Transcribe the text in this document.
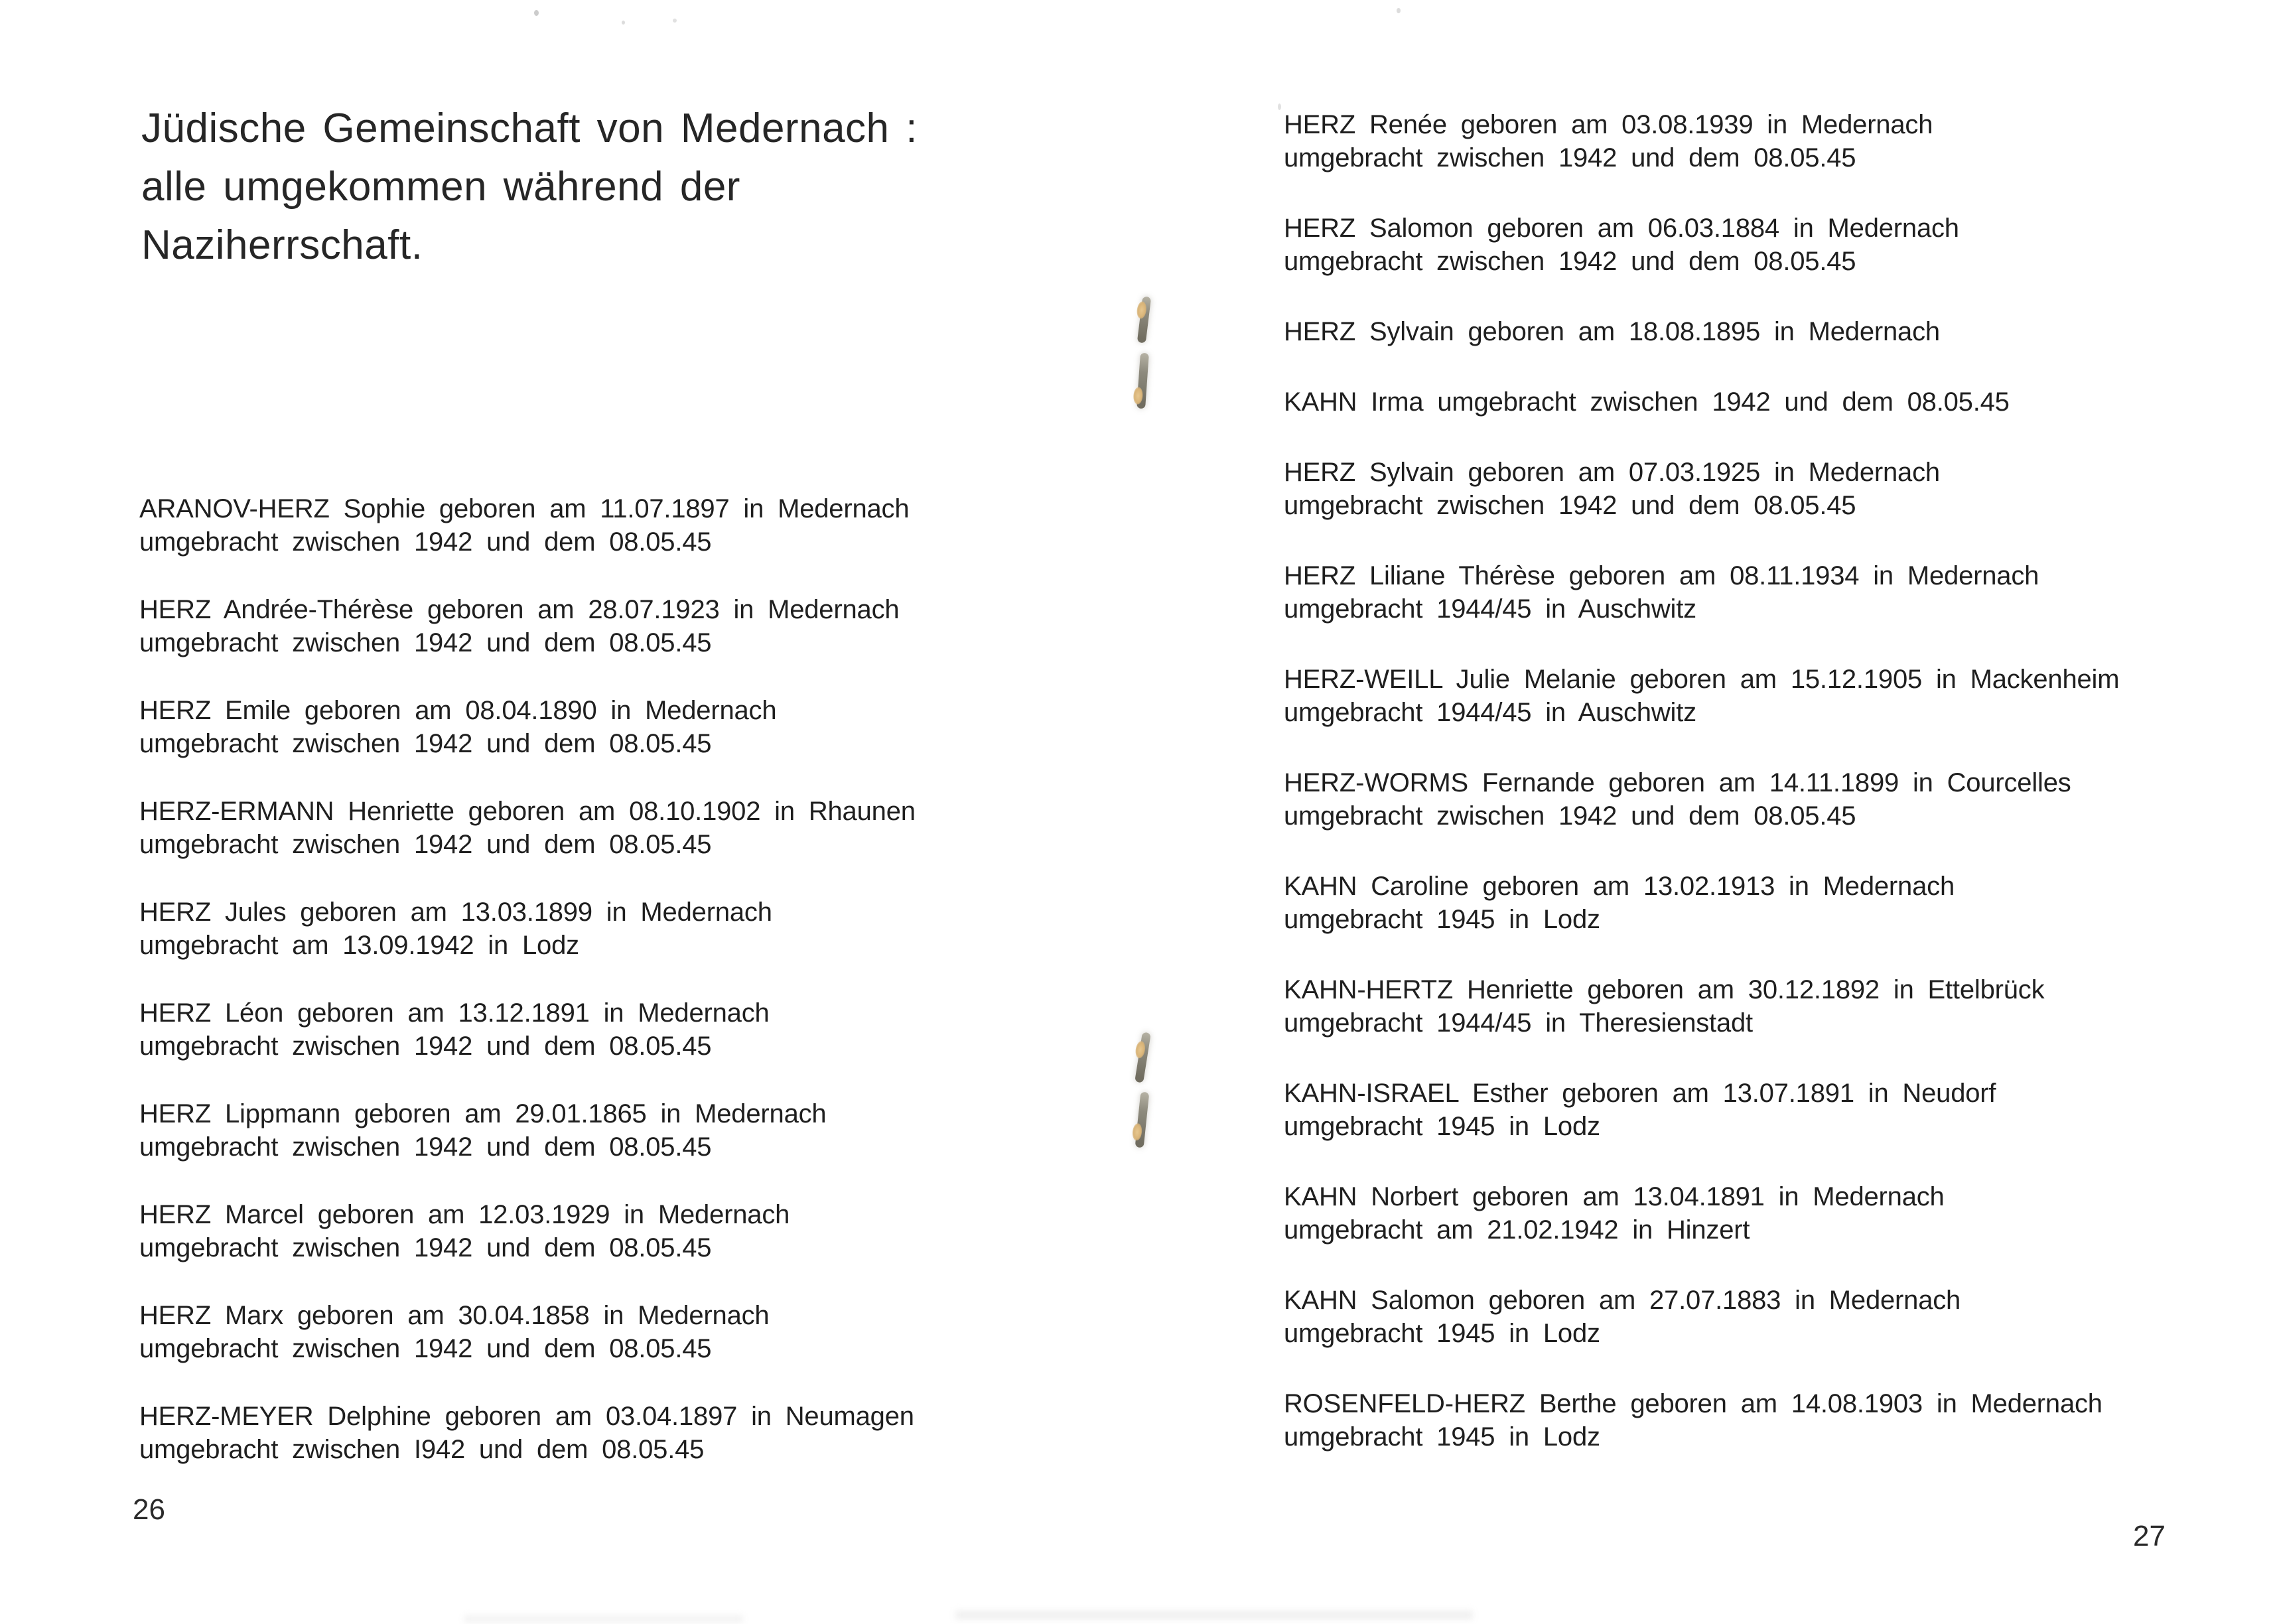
Jüdische Gemeinschaft von Medernach :
alle umgekommen während der
Naziherrschaft.
ARANOV-HERZ Sophie geboren am 11.07.1897 in Medernach
umgebracht zwischen 1942 und dem 08.05.45
HERZ Andrée-Thérèse geboren am 28.07.1923 in Medernach
umgebracht zwischen 1942 und dem 08.05.45
HERZ Emile geboren am 08.04.1890 in Medernach
umgebracht zwischen 1942 und dem 08.05.45
HERZ-ERMANN Henriette geboren am 08.10.1902 in Rhaunen
umgebracht zwischen 1942 und dem 08.05.45
HERZ Jules geboren am 13.03.1899 in Medernach
umgebracht am 13.09.1942 in Lodz
HERZ Léon geboren am 13.12.1891 in Medernach
umgebracht zwischen 1942 und dem 08.05.45
HERZ Lippmann geboren am 29.01.1865 in Medernach
umgebracht zwischen 1942 und dem 08.05.45
HERZ Marcel geboren am 12.03.1929 in Medernach
umgebracht zwischen 1942 und dem 08.05.45
HERZ Marx geboren am 30.04.1858 in Medernach
umgebracht zwischen 1942 und dem 08.05.45
HERZ-MEYER Delphine geboren am 03.04.1897 in Neumagen
umgebracht zwischen I942 und dem 08.05.45
26
HERZ Renée geboren am 03.08.1939 in Medernach
umgebracht zwischen 1942 und dem 08.05.45
HERZ Salomon geboren am 06.03.1884 in Medernach
umgebracht zwischen 1942 und dem 08.05.45
HERZ Sylvain geboren am 18.08.1895 in Medernach
KAHN Irma umgebracht zwischen 1942 und dem 08.05.45
HERZ Sylvain geboren am 07.03.1925 in Medernach
umgebracht zwischen 1942 und dem 08.05.45
HERZ Liliane Thérèse geboren am 08.11.1934 in Medernach
umgebracht 1944/45 in Auschwitz
HERZ-WEILL Julie Melanie geboren am 15.12.1905 in Mackenheim
umgebracht 1944/45 in Auschwitz
HERZ-WORMS Fernande geboren am 14.11.1899 in Courcelles
umgebracht zwischen 1942 und dem 08.05.45
KAHN Caroline geboren am 13.02.1913 in Medernach
umgebracht 1945 in Lodz
KAHN-HERTZ Henriette geboren am 30.12.1892 in Ettelbrück
umgebracht 1944/45 in Theresienstadt
KAHN-ISRAEL Esther geboren am 13.07.1891 in Neudorf
umgebracht 1945 in Lodz
KAHN Norbert geboren am 13.04.1891 in Medernach
umgebracht am 21.02.1942 in Hinzert
KAHN Salomon geboren am 27.07.1883 in Medernach
umgebracht 1945 in Lodz
ROSENFELD-HERZ Berthe geboren am 14.08.1903 in Medernach
umgebracht 1945 in Lodz
27
